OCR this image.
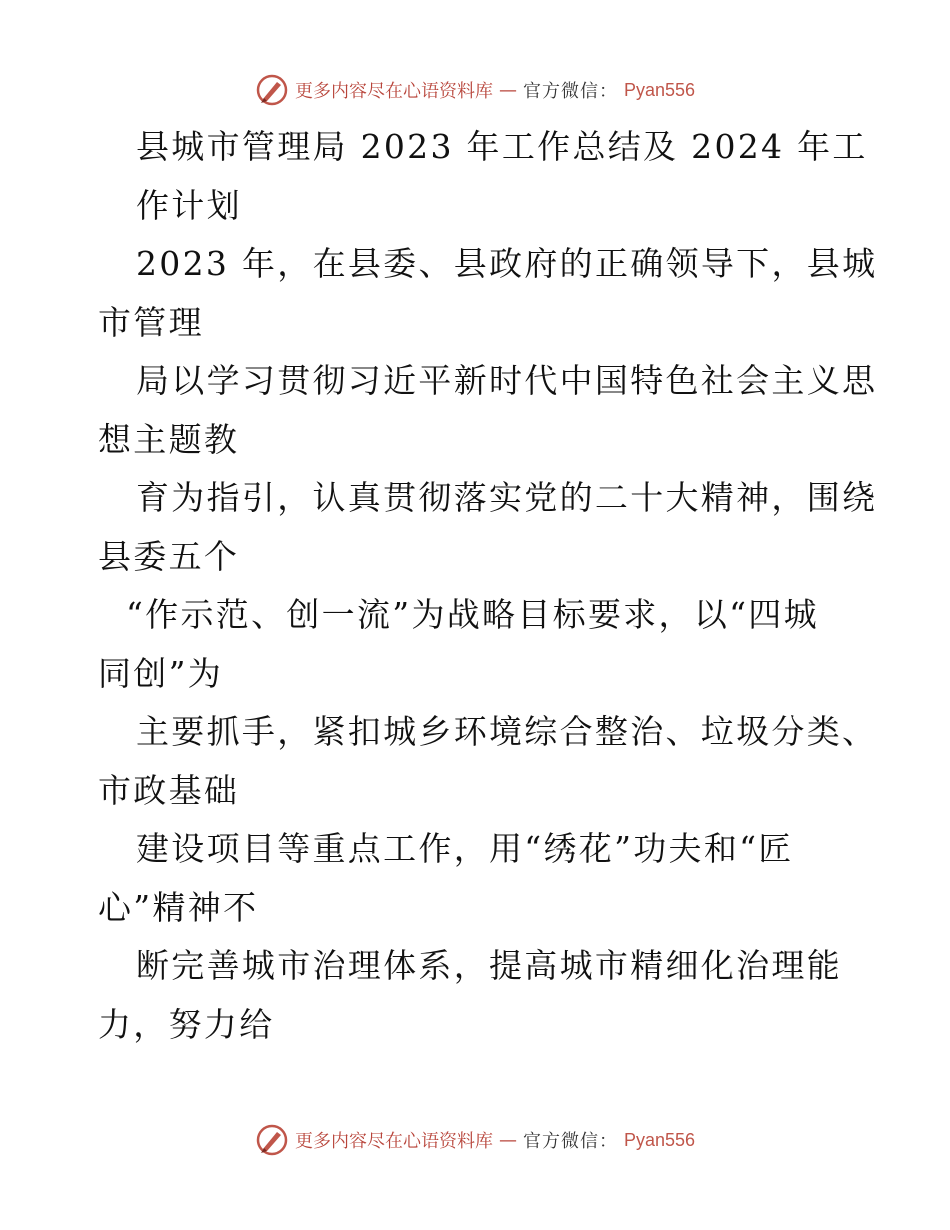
更多内容尽在心语资料库 — 官方微信： Pyan556
县城市管理局 2023 年工作总结及 2024 年工
作计划
2023 年，在县委、县政府的正确领导下，县城
市管理
局以学习贯彻习近平新时代中国特色社会主义思
想主题教
育为指引，认真贯彻落实党的二十大精神，围绕
县委五个
“作示范、创一流”为战略目标要求，以“四城
同创”为
主要抓手，紧扣城乡环境综合整治、垃圾分类、
市政基础
建设项目等重点工作，用“绣花”功夫和“匠
心”精神不
断完善城市治理体系，提高城市精细化治理能
力，努力给
更多内容尽在心语资料库 — 官方微信： Pyan556
